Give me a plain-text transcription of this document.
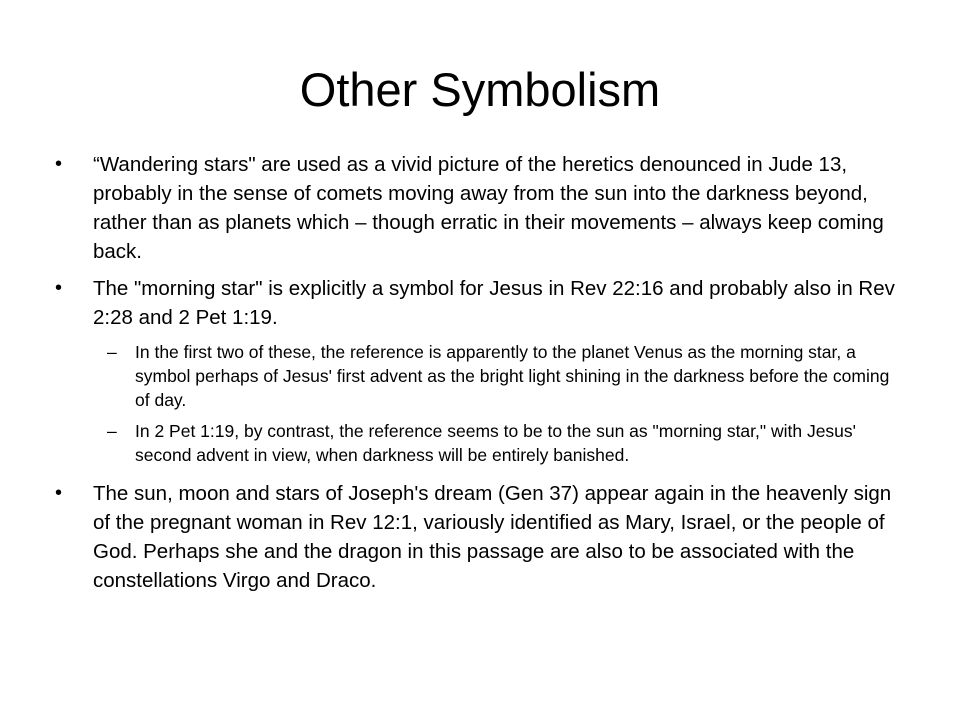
Other Symbolism
•	“Wandering stars" are used as a vivid picture of the heretics denounced in Jude 13, probably in the sense of comets moving away from the sun into the darkness beyond, rather than as planets which – though erratic in their movements – always keep coming back.
•	The "morning star" is explicitly a symbol for Jesus in Rev 22:16 and probably also in Rev 2:28 and 2 Pet 1:19.
– In the first two of these, the reference is apparently to the planet Venus as the morning star, a symbol perhaps of Jesus' first advent as the bright light shining in the darkness before the coming of day.
– In 2 Pet 1:19, by contrast, the reference seems to be to the sun as "morning star," with Jesus' second advent in view, when darkness will be entirely banished.
•	The sun, moon and stars of Joseph's dream (Gen 37) appear again in the heavenly sign of the pregnant woman in Rev 12:1, variously identified as Mary, Israel, or the people of God. Perhaps she and the dragon in this passage are also to be associated with the constellations Virgo and Draco.
